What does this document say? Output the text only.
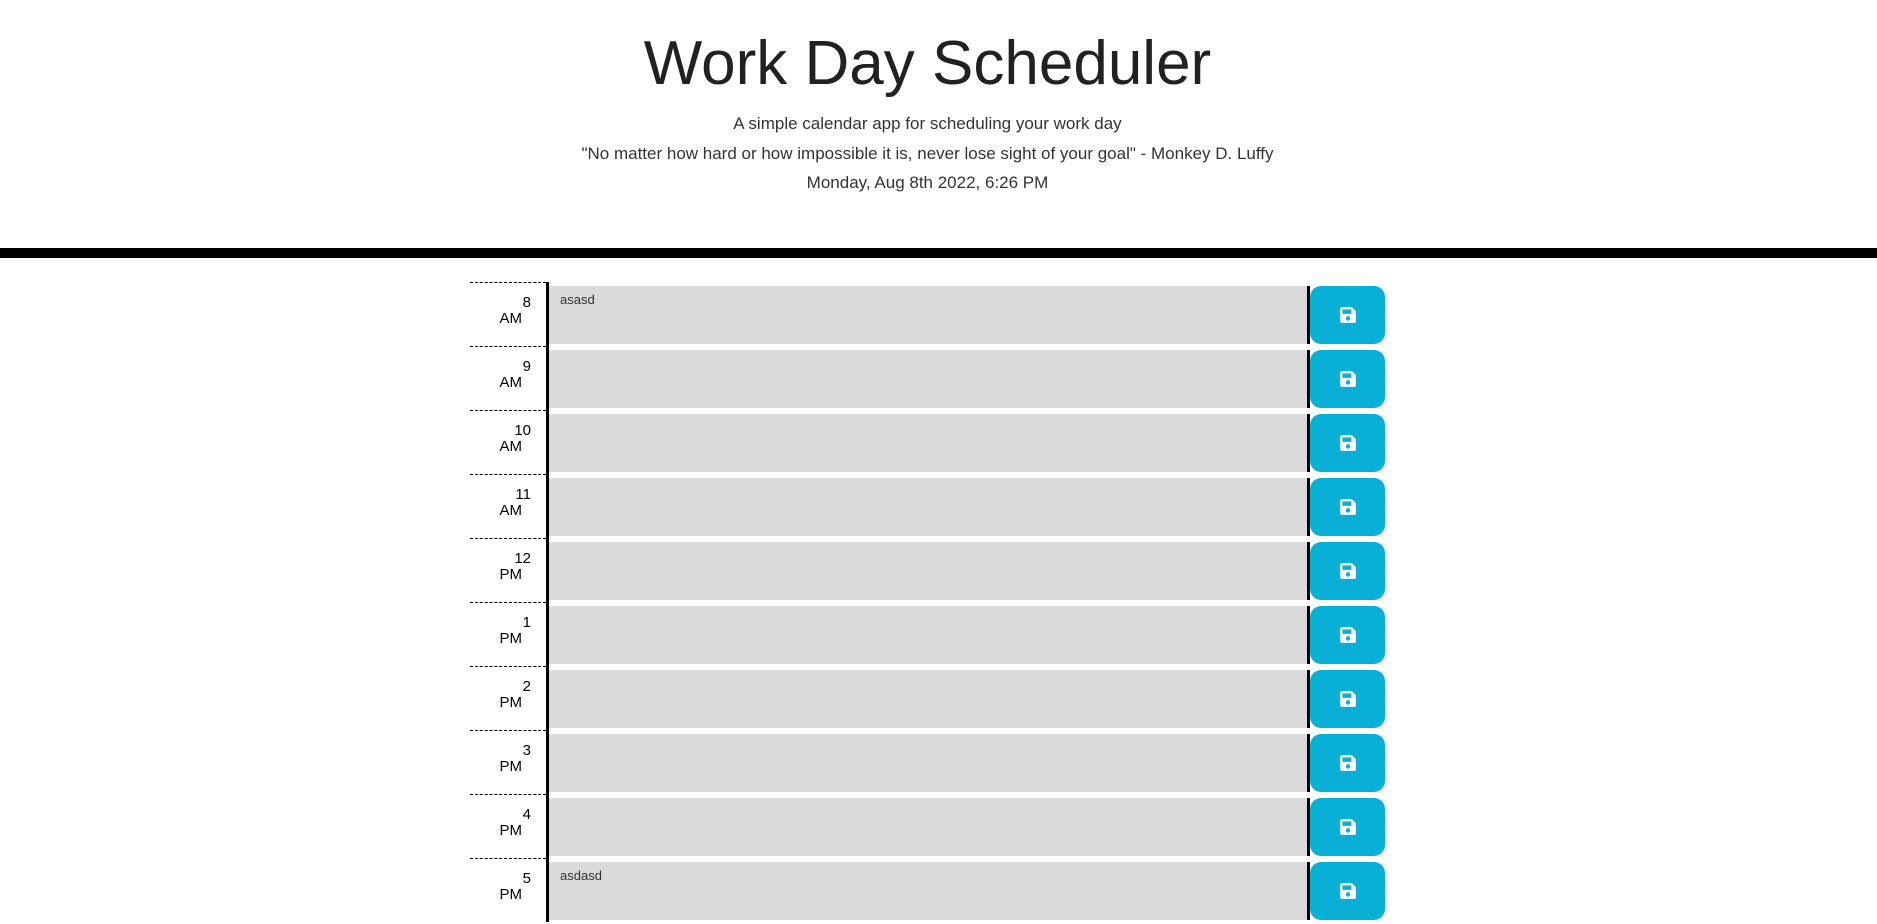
Work Day Scheduler

A simple calendar app for scheduling your work day

"No matter how hard or how impossible it is, never lose sight of your goal" - Monkey D. Luffy

Monday, Aug 8th 2022, 6:26 PM

8
AM
asasd
9
AM
10
AM
11
AM
12
PM
1
PM
2
PM
3
PM
4
PM
5
PM
asdasd
